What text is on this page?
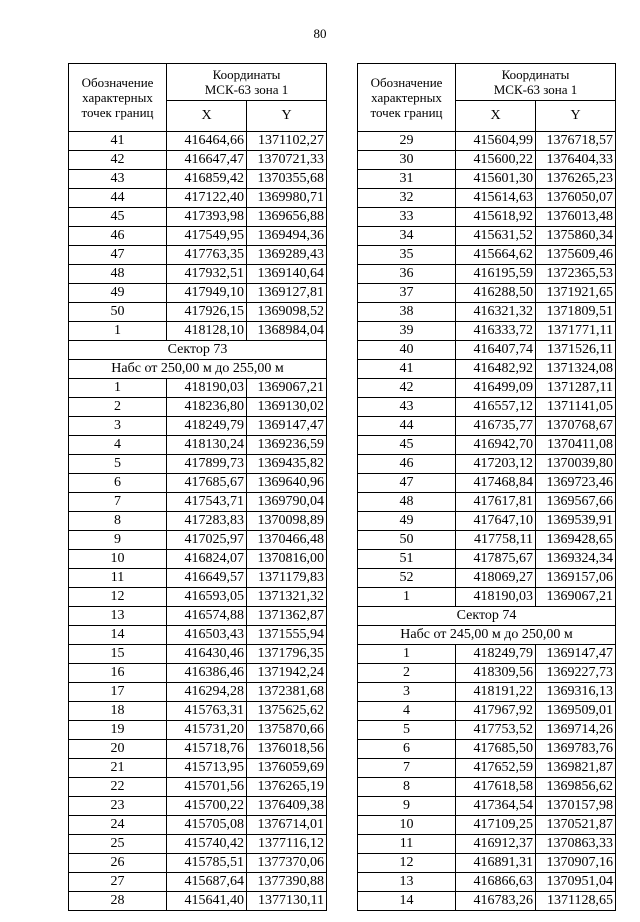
80
Обозначение
характерных
точек границ	Координаты
МСК-63 зона 1	
	X	Y
41	416464,66	1371102,27
42	416647,47	1370721,33
43	416859,42	1370355,68
44	417122,40	1369980,71
45	417393,98	1369656,88
46	417549,95	1369494,36
47	417763,35	1369289,43
48	417932,51	1369140,64
49	417949,10	1369127,81
50	417926,15	1369098,52
1	418128,10	1368984,04
Сектор 73		
Набс от 250,00 м до 255,00 м		
1	418190,03	1369067,21
2	418236,80	1369130,02
3	418249,79	1369147,47
4	418130,24	1369236,59
5	417899,73	1369435,82
6	417685,67	1369640,96
7	417543,71	1369790,04
8	417283,83	1370098,89
9	417025,97	1370466,48
10	416824,07	1370816,00
11	416649,57	1371179,83
12	416593,05	1371321,32
13	416574,88	1371362,87
14	416503,43	1371555,94
15	416430,46	1371796,35
16	416386,46	1371942,24
17	416294,28	1372381,68
18	415763,31	1375625,62
19	415731,20	1375870,66
20	415718,76	1376018,56
21	415713,95	1376059,69
22	415701,56	1376265,19
23	415700,22	1376409,38
24	415705,08	1376714,01
25	415740,42	1377116,12
26	415785,51	1377370,06
27	415687,64	1377390,88
28	415641,40	1377130,11
Обозначение
характерных
точек границ	Координаты
МСК-63 зона 1	
	X	Y
29	415604,99	1376718,57
30	415600,22	1376404,33
31	415601,30	1376265,23
32	415614,63	1376050,07
33	415618,92	1376013,48
34	415631,52	1375860,34
35	415664,62	1375609,46
36	416195,59	1372365,53
37	416288,50	1371921,65
38	416321,32	1371809,51
39	416333,72	1371771,11
40	416407,74	1371526,11
41	416482,92	1371324,08
42	416499,09	1371287,11
43	416557,12	1371141,05
44	416735,77	1370768,67
45	416942,70	1370411,08
46	417203,12	1370039,80
47	417468,84	1369723,46
48	417617,81	1369567,66
49	417647,10	1369539,91
50	417758,11	1369428,65
51	417875,67	1369324,34
52	418069,27	1369157,06
1	418190,03	1369067,21
Сектор 74		
Набс от 245,00 м до 250,00 м		
1	418249,79	1369147,47
2	418309,56	1369227,73
3	418191,22	1369316,13
4	417967,92	1369509,01
5	417753,52	1369714,26
6	417685,50	1369783,76
7	417652,59	1369821,87
8	417618,58	1369856,62
9	417364,54	1370157,98
10	417109,25	1370521,87
11	416912,37	1370863,33
12	416891,31	1370907,16
13	416866,63	1370951,04
14	416783,26	1371128,65
